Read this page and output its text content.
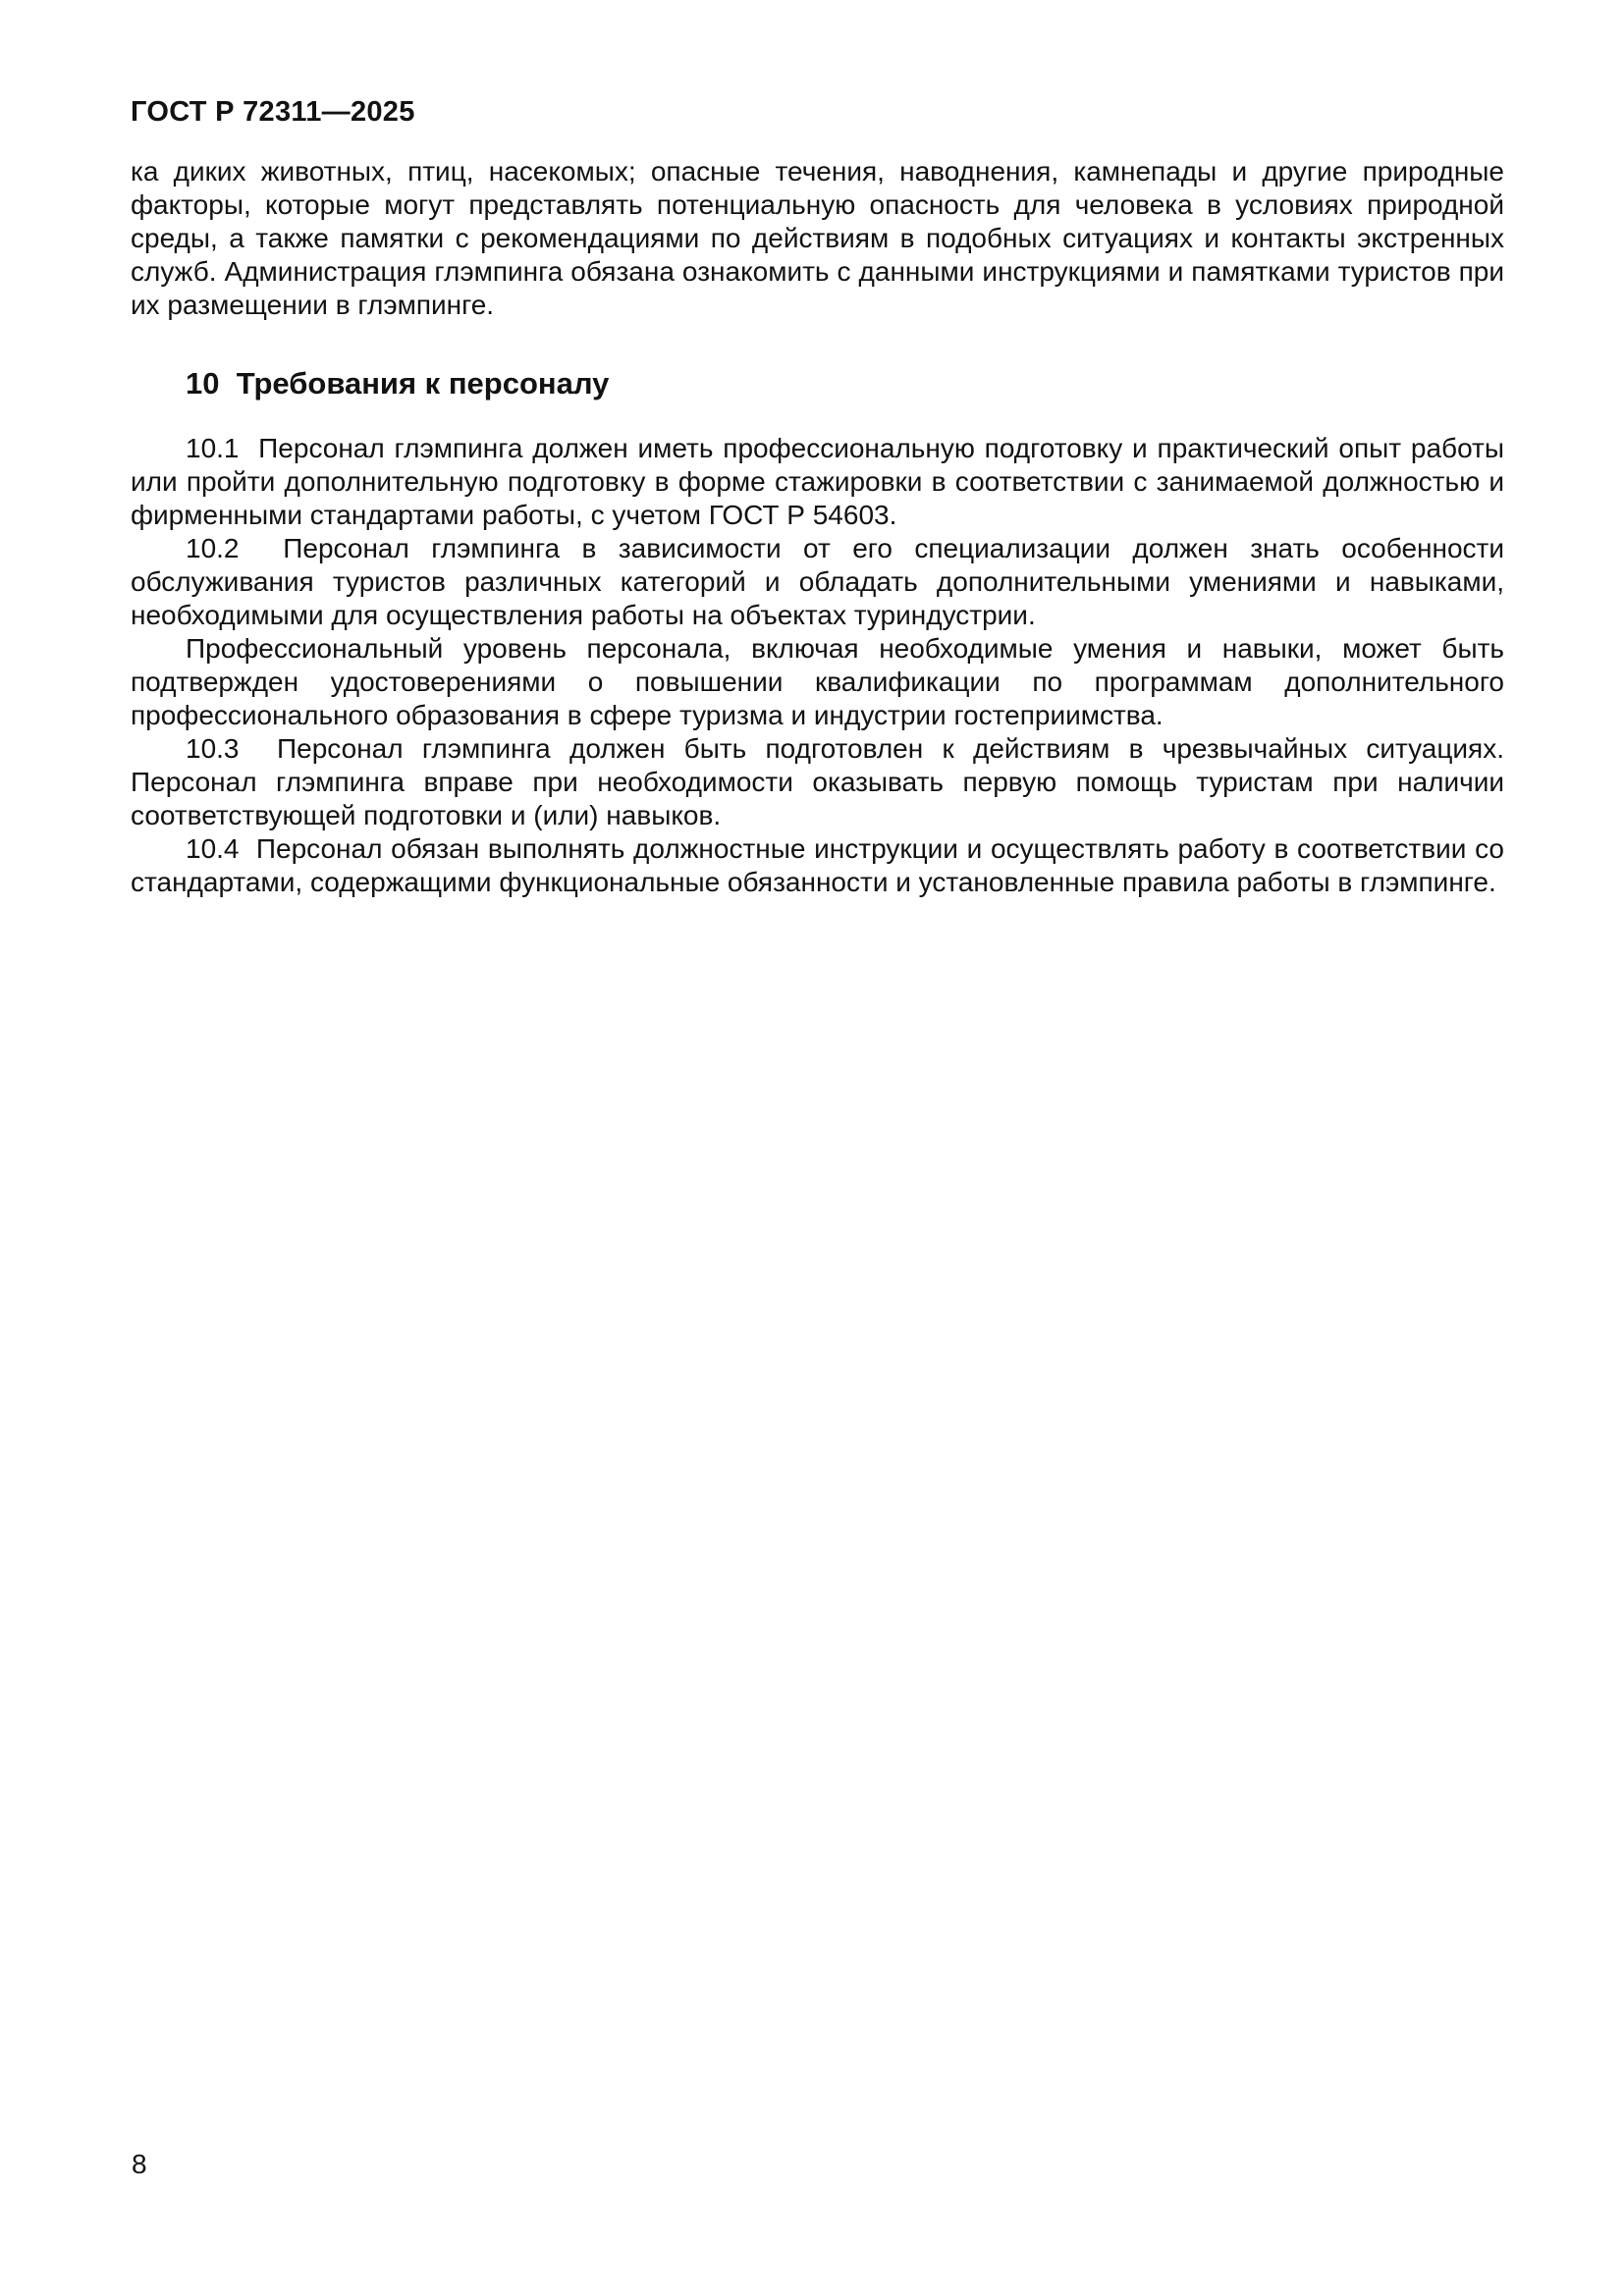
ГОСТ Р 72311—2025

ка диких животных, птиц, насекомых; опасные течения, наводнения, камнепады и другие природные факторы, которые могут представлять потенциальную опасность для человека в условиях природной среды, а также памятки с рекомендациями по действиям в подобных ситуациях и контакты экстренных служб. Администрация глэмпинга обязана ознакомить с данными инструкциями и памятками туристов при их размещении в глэмпинге.

10  Требования к персоналу

10.1  Персонал глэмпинга должен иметь профессиональную подготовку и практический опыт работы или пройти дополнительную подготовку в форме стажировки в соответствии с занимаемой должностью и фирменными стандартами работы, с учетом ГОСТ Р 54603.

10.2  Персонал глэмпинга в зависимости от его специализации должен знать особенности обслуживания туристов различных категорий и обладать дополнительными умениями и навыками, необходимыми для осуществления работы на объектах туриндустрии.

Профессиональный уровень персонала, включая необходимые умения и навыки, может быть подтвержден удостоверениями о повышении квалификации по программам дополнительного профессионального образования в сфере туризма и индустрии гостеприимства.

10.3  Персонал глэмпинга должен быть подготовлен к действиям в чрезвычайных ситуациях. Персонал глэмпинга вправе при необходимости оказывать первую помощь туристам при наличии соответствующей подготовки и (или) навыков.

10.4  Персонал обязан выполнять должностные инструкции и осуществлять работу в соответствии со стандартами, содержащими функциональные обязанности и установленные правила работы в глэмпинге.

8
